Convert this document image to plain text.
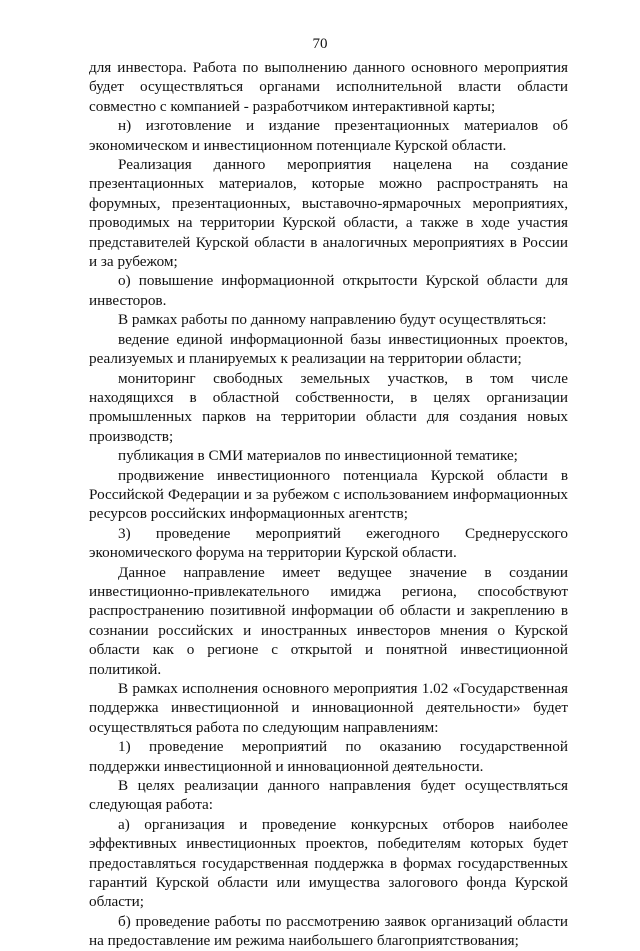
70

для инвестора. Работа по выполнению данного основного мероприятия будет осуществляться органами исполнительной власти области совместно с компанией - разработчиком интерактивной карты;

н) изготовление и издание презентационных материалов об экономическом и инвестиционном потенциале Курской области.

Реализация данного мероприятия нацелена на создание презентационных материалов, которые можно распространять на форумных, презентационных, выставочно-ярмарочных мероприятиях, проводимых на территории Курской области, а также в ходе участия представителей Курской области в аналогичных мероприятиях в России и за рубежом;

о) повышение информационной открытости Курской области для инвесторов.

В рамках работы по данному направлению будут осуществляться:

ведение единой информационной базы инвестиционных проектов, реализуемых и планируемых к реализации на территории области;

мониторинг свободных земельных участков, в том числе находящихся в областной собственности, в целях организации промышленных парков на территории области для создания новых производств;

публикация в СМИ материалов по инвестиционной тематике;

продвижение инвестиционного потенциала Курской области в Российской Федерации и за рубежом с использованием информационных ресурсов российских информационных агентств;

3) проведение мероприятий ежегодного Среднерусского экономического форума на территории Курской области.

Данное направление имеет ведущее значение в создании инвестиционно-привлекательного имиджа региона, способствуют распространению позитивной информации об области и закреплению в сознании российских и иностранных инвесторов мнения о Курской области как о регионе с открытой и понятной инвестиционной политикой.

В рамках исполнения основного мероприятия 1.02 «Государственная поддержка инвестиционной и инновационной деятельности» будет осуществляться работа по следующим направлениям:

1) проведение мероприятий по оказанию государственной поддержки инвестиционной и инновационной деятельности.

В целях реализации данного направления будет осуществляться следующая работа:

а) организация и проведение конкурсных отборов наиболее эффективных инвестиционных проектов, победителям которых будет предоставляться государственная поддержка в формах государственных гарантий Курской области или имущества залогового фонда Курской области;

б) проведение работы по рассмотрению заявок организаций области на предоставление им режима наибольшего благоприятствования;
